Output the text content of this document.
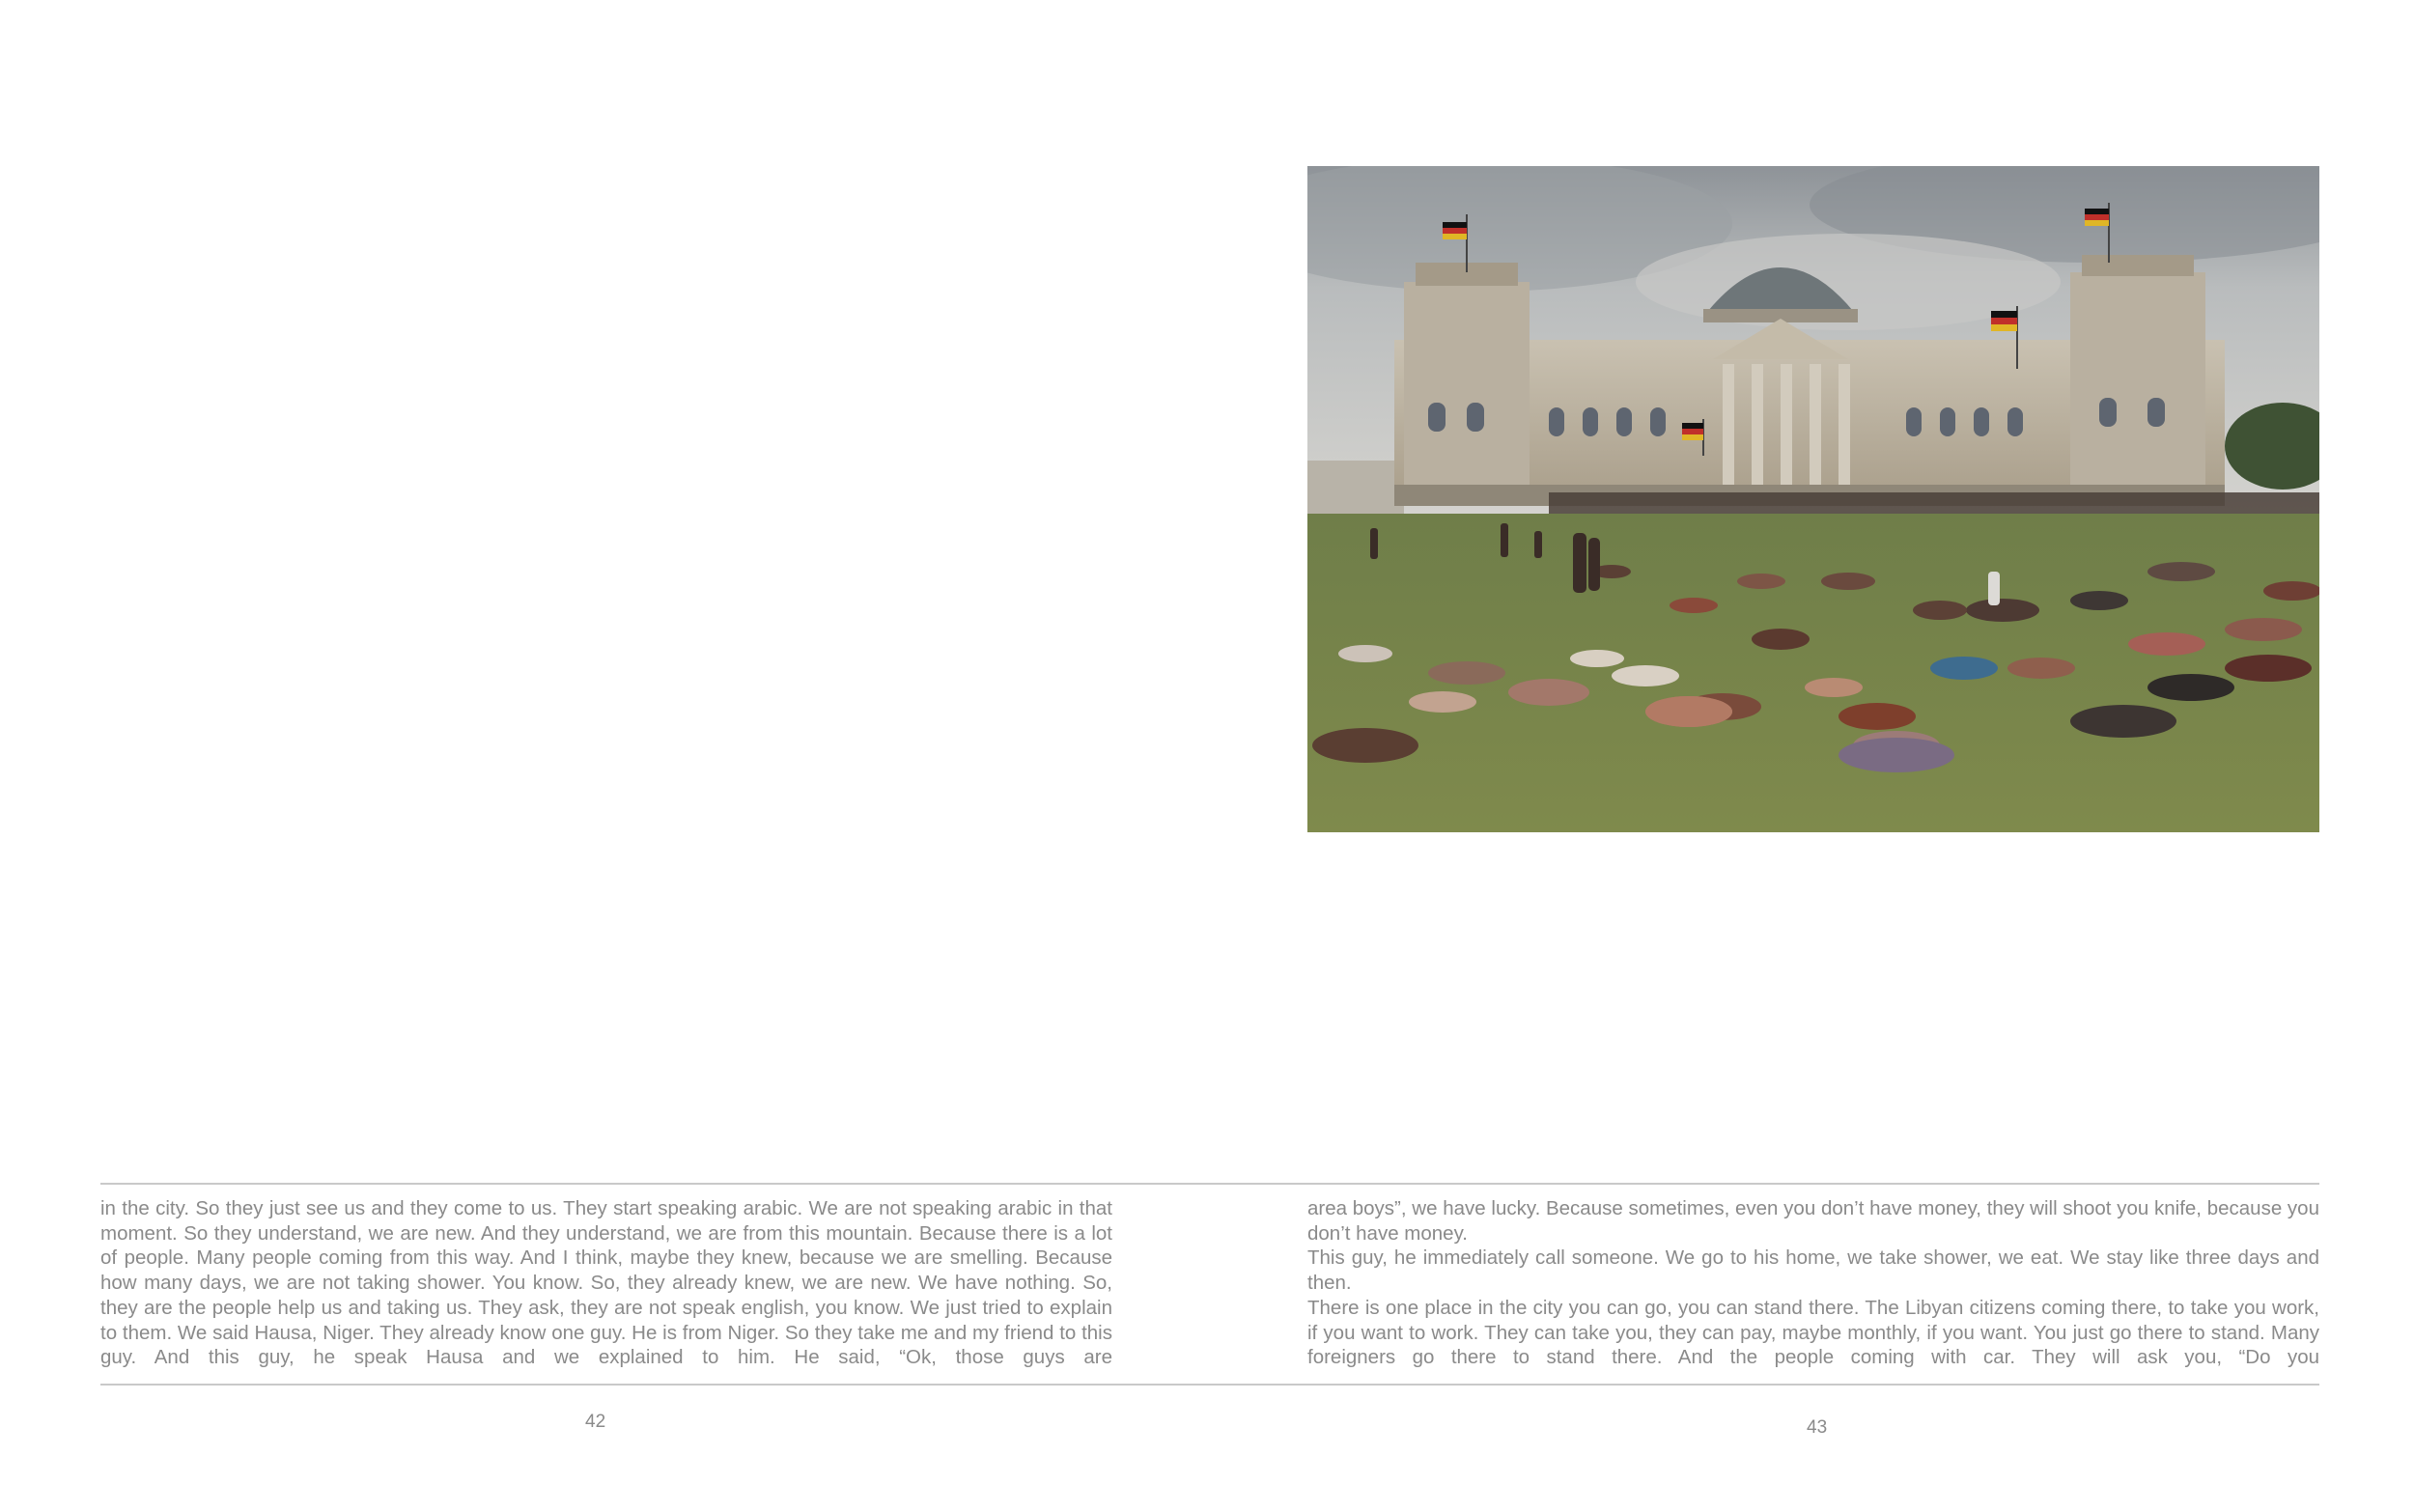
in the city. So they just see us and they come to us. They start speaking arabic. We are not speaking arabic in that moment. So they understand, we are new. And they understand, we are from this mountain. Because there is a lot of people. Many people coming from this way. And I think, maybe they knew, because we are smelling. Because how many days, we are not taking shower. You know. So, they already knew, we are new. We have nothing. So, they are the people help us and taking us. They ask, they are not speak english, you know. We just tried to explain to them. We said Hausa, Niger. They already know one guy. He is from Niger. So they take me and my friend to this guy. And this guy, he speak Hausa and we explained to him. He said, “Ok, those guys are

area boys”, we have lucky. Because sometimes, even you don’t have money, they will shoot you knife, because you don’t have money.

This guy, he immediately call someone. We go to his home, we take shower, we eat. We stay like three days and then.

There is one place in the city you can go, you can stand there. The Libyan citizens coming there, to take you work, if you want to work. They can take you, they can pay, maybe monthly, if you want. You just go there to stand. Many foreigners go there to stand there. And the people coming with car. They will ask you, “Do you

42	43
